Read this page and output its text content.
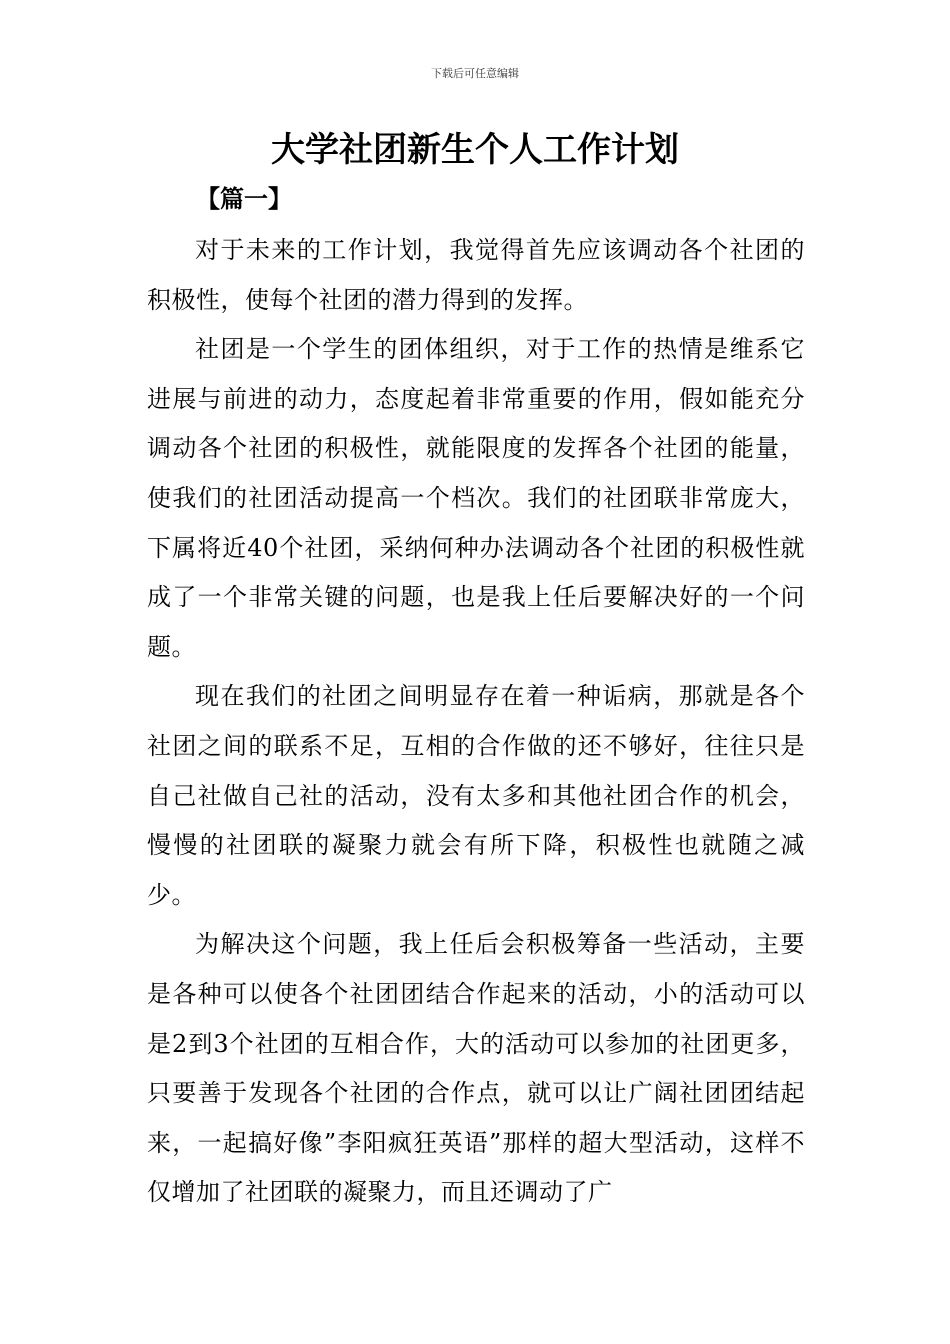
下载后可任意编辑
大学社团新生个人工作计划
【篇一】

对于未来的工作计划，我觉得首先应该调动各个社团的积极性，使每个社团的潜力得到的发挥。

社团是一个学生的团体组织，对于工作的热情是维系它进展与前进的动力，态度起着非常重要的作用，假如能充分调动各个社团的积极性，就能限度的发挥各个社团的能量，使我们的社团活动提高一个档次。我们的社团联非常庞大，下属将近40个社团，采纳何种办法调动各个社团的积极性就成了一个非常关键的问题，也是我上任后要解决好的一个问题。

现在我们的社团之间明显存在着一种诟病，那就是各个社团之间的联系不足，互相的合作做的还不够好，往往只是自己社做自己社的活动，没有太多和其他社团合作的机会，慢慢的社团联的凝聚力就会有所下降，积极性也就随之减少。

为解决这个问题，我上任后会积极筹备一些活动，主要是各种可以使各个社团团结合作起来的活动，小的活动可以是2到3个社团的互相合作，大的活动可以参加的社团更多，只要善于发现各个社团的合作点，就可以让广阔社团团结起来，一起搞好像”李阳疯狂英语”那样的超大型活动，这样不仅增加了社团联的凝聚力，而且还调动了广
